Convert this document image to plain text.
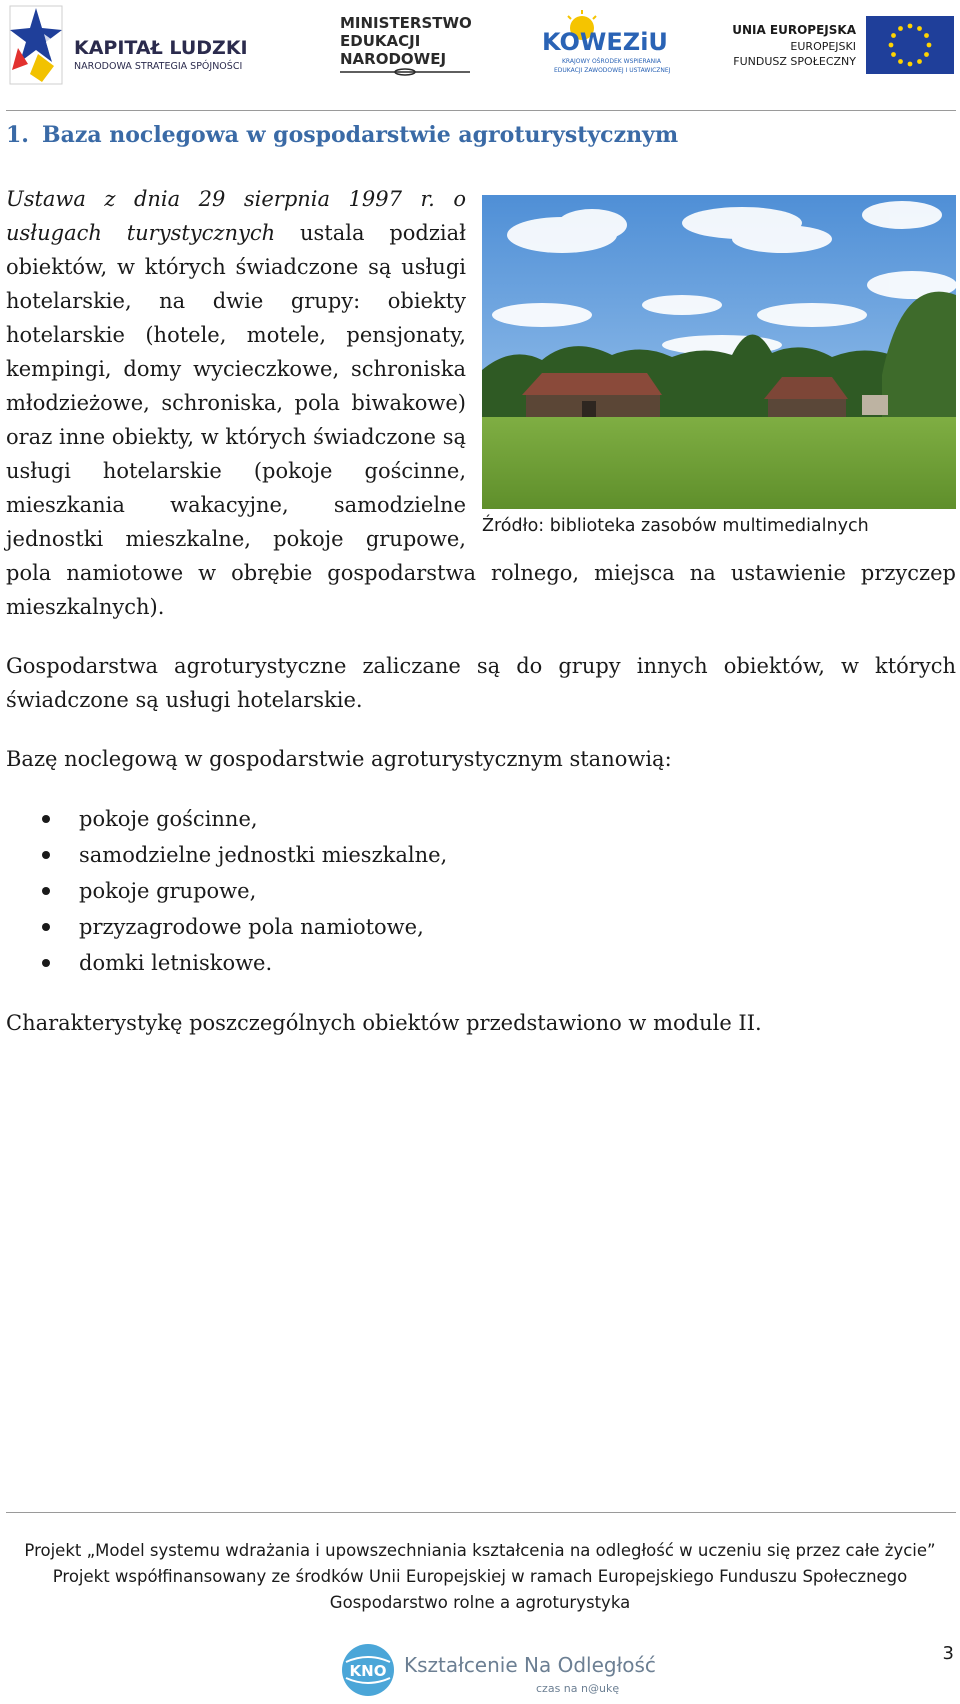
KAPITAŁ LUDZKI
NARODOWA STRATEGIA SPÓJNOŚCI
MINISTERSTWO
EDUKACJI
NARODOWEJ
KOWEZiU
KRAJOWY OŚRODEK WSPIERANIA
EDUKACJI ZAWODOWEJ I USTAWICZNEJ
UNIA EUROPEJSKA
EUROPEJSKI
FUNDUSZ SPOŁECZNY
1. Baza noclegowa w gospodarstwie agroturystycznym
Źródło: biblioteka zasobów multimedialnych

Ustawa z dnia 29 sierpnia 1997 r. o usługach turystycznych ustala podział obiektów, w których świadczone są usługi hotelarskie, na dwie grupy: obiekty hotelarskie (hotele, motele, pensjonaty, kempingi, domy wycieczkowe, schroniska młodzieżowe, schroniska, pola biwakowe) oraz inne obiekty, w których świadczone są usługi hotelarskie (pokoje gościnne, mieszkania wakacyjne, samodzielne jednostki mieszkalne, pokoje grupowe, pola namiotowe w obrębie gospodarstwa rolnego, miejsca na ustawienie przyczep mieszkalnych).

Gospodarstwa agroturystyczne zaliczane są do grupy innych obiektów, w których świadczone są usługi hotelarskie.

Bazę noclegową w gospodarstwie agroturystycznym stanowią:

pokoje gościnne,
samodzielne jednostki mieszkalne,
pokoje grupowe,
przyzagrodowe pola namiotowe,
domki letniskowe.

Charakterystykę poszczególnych obiektów przedstawiono w module II.

Projekt „Model systemu wdrażania i upowszechniania kształcenia na odległość w uczeniu się przez całe życie”
Projekt współfinansowany ze środków Unii Europejskiej w ramach Europejskiego Funduszu Społecznego
Gospodarstwo rolne a agroturystyka
KNO Kształcenie Na Odległość
czas na n@ukę
3
